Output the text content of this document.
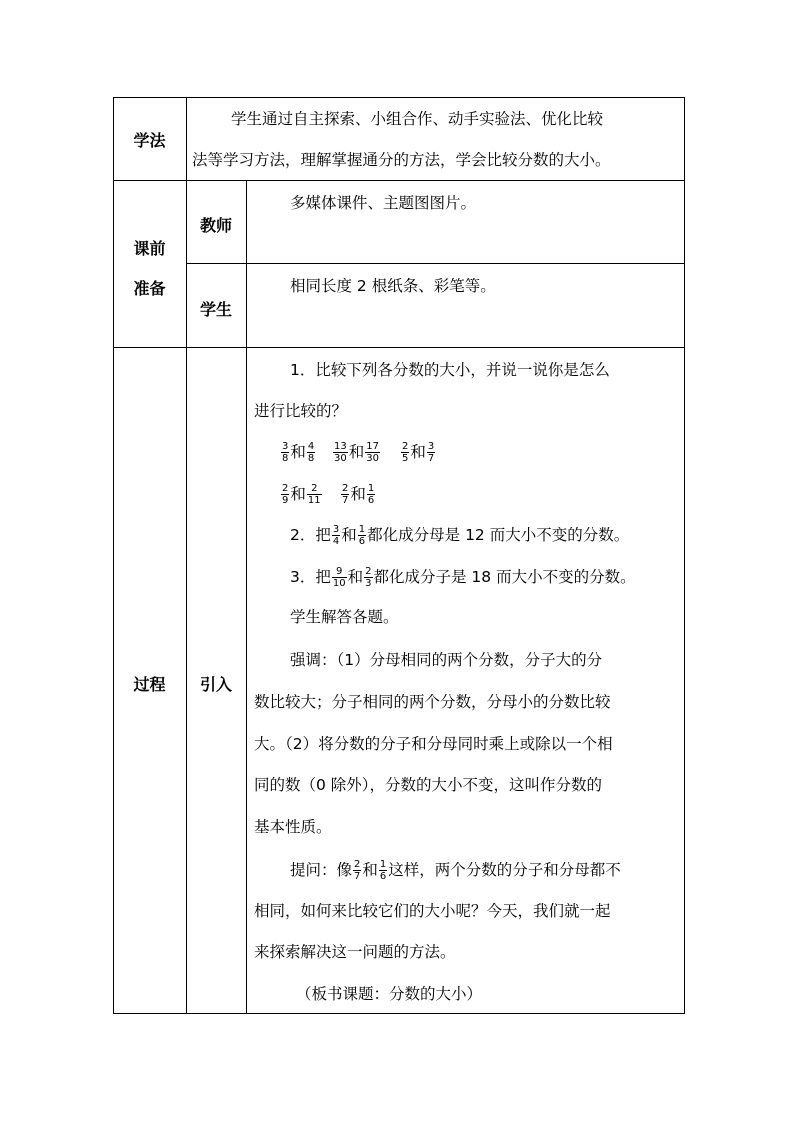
学法
学生通过自主探索、小组合作、动手实验法、优化比较
法等学习方法，理解掌握通分的方法，学会比较分数的大小。
课前
准备
教师
多媒体课件、主题图图片。
学生
相同长度 2 根纸条、彩笔等。
过程	引入
1．比较下列各分数的大小，并说一说你是怎么
进行比较的？
$\frac{3}{8}$ 和 $\frac{4}{8} \frac{13}{30}$ 和 $\frac{17}{30} \frac{2}{5}$ 和 $\frac{3}{7}$
$\frac{2}{9}$ 和 $\frac{2}{11} \frac{2}{7}$ 和 $\frac{1}{6}$
2．把 $\frac{3}{4}$ 和 $\frac{1}{6}$ 都化成分母是 12 而大小不变的分数。
3．把 $\frac{9}{10}$ 和 $\frac{2}{3}$ 都化成分子是 18 而大小不变的分数。
学生解答各题。
强调：（1）分母相同的两个分数，分子大的分
数比较大；分子相同的两个分数，分母小的分数比较
大。（2）将分数的分子和分母同时乘上或除以一个相
同的数（0 除外），分数的大小不变，这叫作分数的
基本性质。
提问：像 $\frac{2}{7}$ 和 $\frac{1}{6}$ 这样，两个分数的分子和分母都不
相同，如何来比较它们的大小呢？今天，我们就一起
来探索解决这一问题的方法。
（板书课题：分数的大小）
